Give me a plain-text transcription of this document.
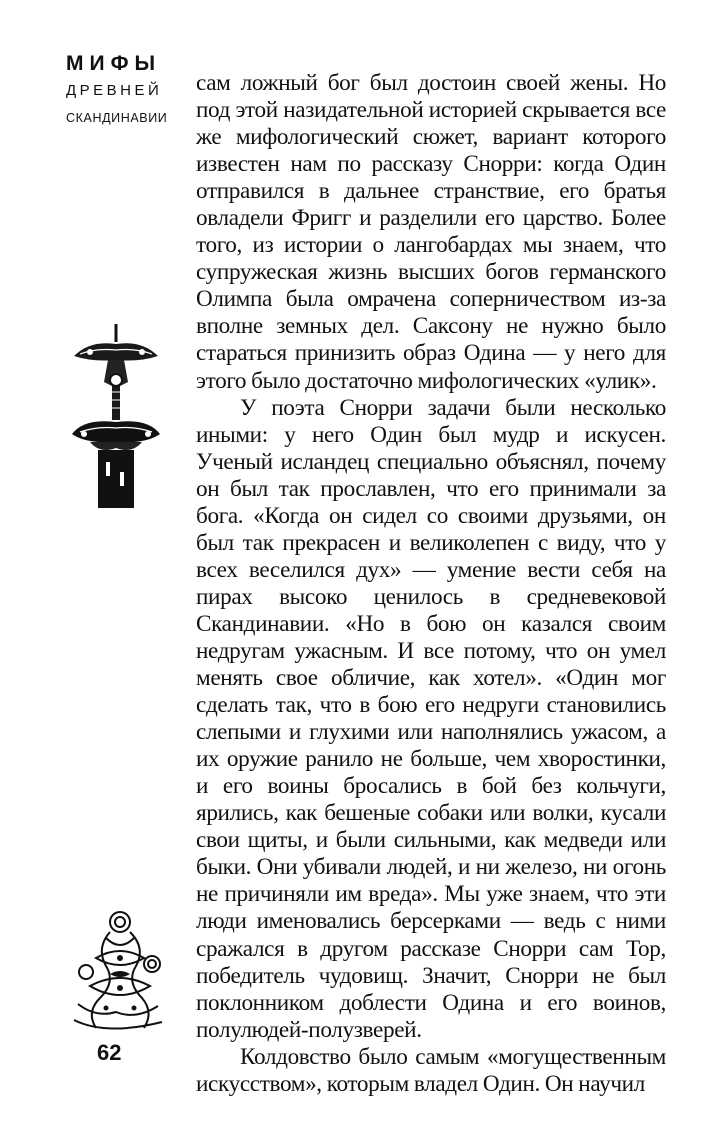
МИФЫ
ДРЕВНЕЙ
СКАНДИНАВИИ
62

сам ложный бог был достоин своей жены. Но под этой назидательной историей скрывается все же мифологический сюжет, вариант которого известен нам по рассказу Снорри: когда Один отправился в дальнее странствие, его братья овладели Фригг и разделили его царство. Более того, из истории о лангобардах мы знаем, что супружеская жизнь высших богов германского Олимпа была омрачена соперничеством из-за вполне земных дел. Саксону не нужно было стараться принизить образ Одина — у него для этого было достаточно мифологических «улик».

У поэта Снорри задачи были несколько иными: у него Один был мудр и искусен. Ученый исландец специально объяснял, почему он был так прославлен, что его принимали за бога. «Когда он сидел со своими друзьями, он был так прекрасен и великолепен с виду, что у всех веселился дух» — умение вести себя на пирах высоко ценилось в средневековой Скандинавии. «Но в бою он казался своим недругам ужасным. И все потому, что он умел менять свое обличие, как хотел». «Один мог сделать так, что в бою его недруги становились слепыми и глухими или наполнялись ужасом, а их оружие ранило не больше, чем хворостинки, и его воины бросались в бой без кольчуги, ярились, как бешеные собаки или волки, кусали свои щиты, и были сильными, как медведи или быки. Они убивали людей, и ни железо, ни огонь не причиняли им вреда». Мы уже знаем, что эти люди именовались берсерками — ведь с ними сражался в другом рассказе Снорри сам Тор, победитель чудовищ. Значит, Снорри не был поклонником доблести Одина и его воинов, полулюдей-полузверей.

Колдовство было самым «могущественным искусством», которым владел Один. Он научил
